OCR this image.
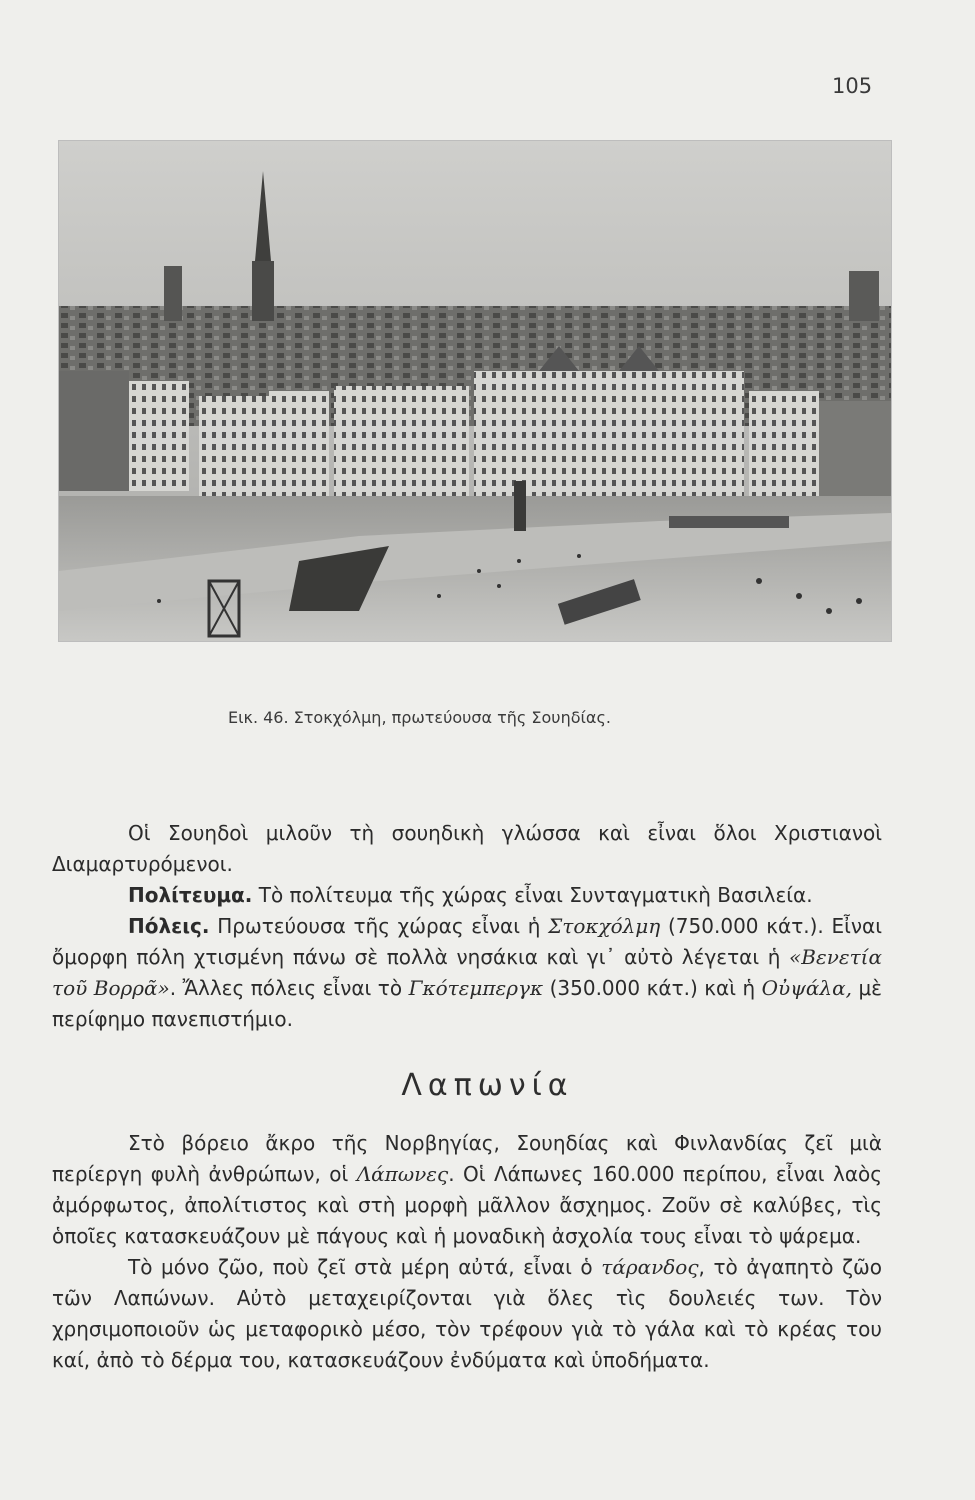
105
Εικ. 46. Στοκχόλμη, πρωτεύουσα τῆς Σουηδίας.

Οἱ Σουηδοὶ μιλοῦν τὴ σουηδικὴ γλώσσα καὶ εἶναι ὅλοι Χριστιανοὶ Διαμαρτυρόμενοι.

Πολίτευμα. Τὸ πολίτευμα τῆς χώρας εἶναι Συνταγματικὴ Βασιλεία.

Πόλεις. Πρωτεύουσα τῆς χώρας εἶναι ἡ Στοκχόλμη (750.000 κάτ.). Εἶναι ὄμορφη πόλη χτισμένη πάνω σὲ πολλὰ νησάκια καὶ γι᾽ αὐτὸ λέγεται ἡ «Βενετία τοῦ Βορρᾶ». Ἄλλες πόλεις εἶναι τὸ Γκότεμπεργκ (350.000 κάτ.) καὶ ἡ Οὐψάλα, μὲ περίφημο πανεπιστήμιο.

Λαπωνία

Στὸ βόρειο ἄκρο τῆς Νορβηγίας, Σουηδίας καὶ Φινλανδίας ζεῖ μιὰ περίεργη φυλὴ ἀνθρώπων, οἱ Λάπωνες. Οἱ Λάπωνες 160.000 περίπου, εἶναι λαὸς ἀμόρφωτος, ἀπολίτιστος καὶ στὴ μορφὴ μᾶλλον ἄσχημος. Ζοῦν σὲ καλύβες, τὶς ὁποῖες κατασκευάζουν μὲ πάγους καὶ ἡ μοναδικὴ ἀσχολία τους εἶναι τὸ ψάρεμα.

Τὸ μόνο ζῶο, ποὺ ζεῖ στὰ μέρη αὐτά, εἶναι ὁ τάρανδος, τὸ ἀγαπητὸ ζῶο τῶν Λαπώνων. Αὐτὸ μεταχειρίζονται γιὰ ὅλες τὶς δουλειές των. Τὸν χρησιμοποιοῦν ὡς μεταφορικὸ μέσο, τὸν τρέφουν γιὰ τὸ γάλα καὶ τὸ κρέας του καί, ἀπὸ τὸ δέρμα του, κατασκευάζουν ἐνδύματα καὶ ὑποδήματα.
